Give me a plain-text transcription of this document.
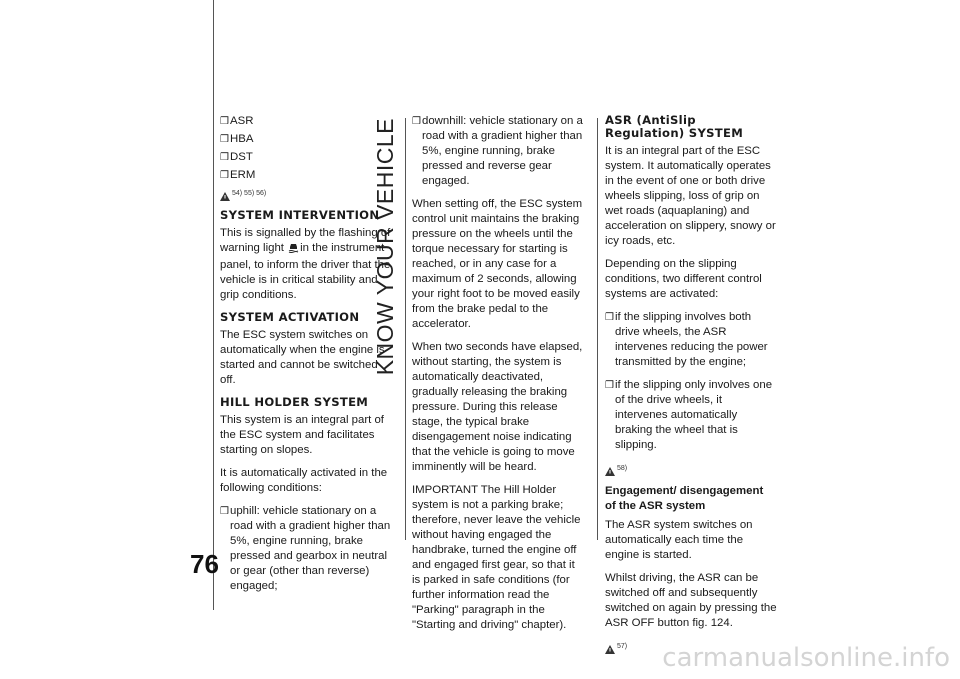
KNOW YOUR VEHICLE
76
❒ ASR
❒ HBA
❒ DST
❒ ERM
54) 55) 56)
SYSTEM INTERVENTION

This is signalled by the flashing of warning light in the instrument panel, to inform the driver that the vehicle is in critical stability and grip conditions.

SYSTEM ACTIVATION

The ESC system switches on automatically when the engine is started and cannot be switched off.

HILL HOLDER SYSTEM

This system is an integral part of the ESC system and facilitates starting on slopes.

It is automatically activated in the following conditions:

❒ uphill: vehicle stationary on a road with a gradient higher than 5%, engine running, brake pressed and gearbox in neutral or gear (other than reverse) engaged;
❒ downhill: vehicle stationary on a road with a gradient higher than 5%, engine running, brake pressed and reverse gear engaged.

When setting off, the ESC system control unit maintains the braking pressure on the wheels until the torque necessary for starting is reached, or in any case for a maximum of 2 seconds, allowing your right foot to be moved easily from the brake pedal to the accelerator.

When two seconds have elapsed, without starting, the system is automatically deactivated, gradually releasing the braking pressure. During this release stage, the typical brake disengagement noise indicating that the vehicle is going to move imminently will be heard.

IMPORTANT The Hill Holder system is not a parking brake; therefore, never leave the vehicle without having engaged the handbrake, turned the engine off and engaged first gear, so that it is parked in safe conditions (for further information read the "Parking" paragraph in the "Starting and driving" chapter).

ASR (AntiSlip Regulation) SYSTEM

It is an integral part of the ESC system. It automatically operates in the event of one or both drive wheels slipping, loss of grip on wet roads (aquaplaning) and acceleration on slippery, snowy or icy roads, etc.

Depending on the slipping conditions, two different control systems are activated:

❒ if the slipping involves both drive wheels, the ASR intervenes reducing the power transmitted by the engine;
❒ if the slipping only involves one of the drive wheels, it intervenes automatically braking the wheel that is slipping.
58)
Engagement/ disengagement of the ASR system

The ASR system switches on automatically each time the engine is started.

Whilst driving, the ASR can be switched off and subsequently switched on again by pressing the ASR OFF button fig. 124.

57) carmanualsonline.info
